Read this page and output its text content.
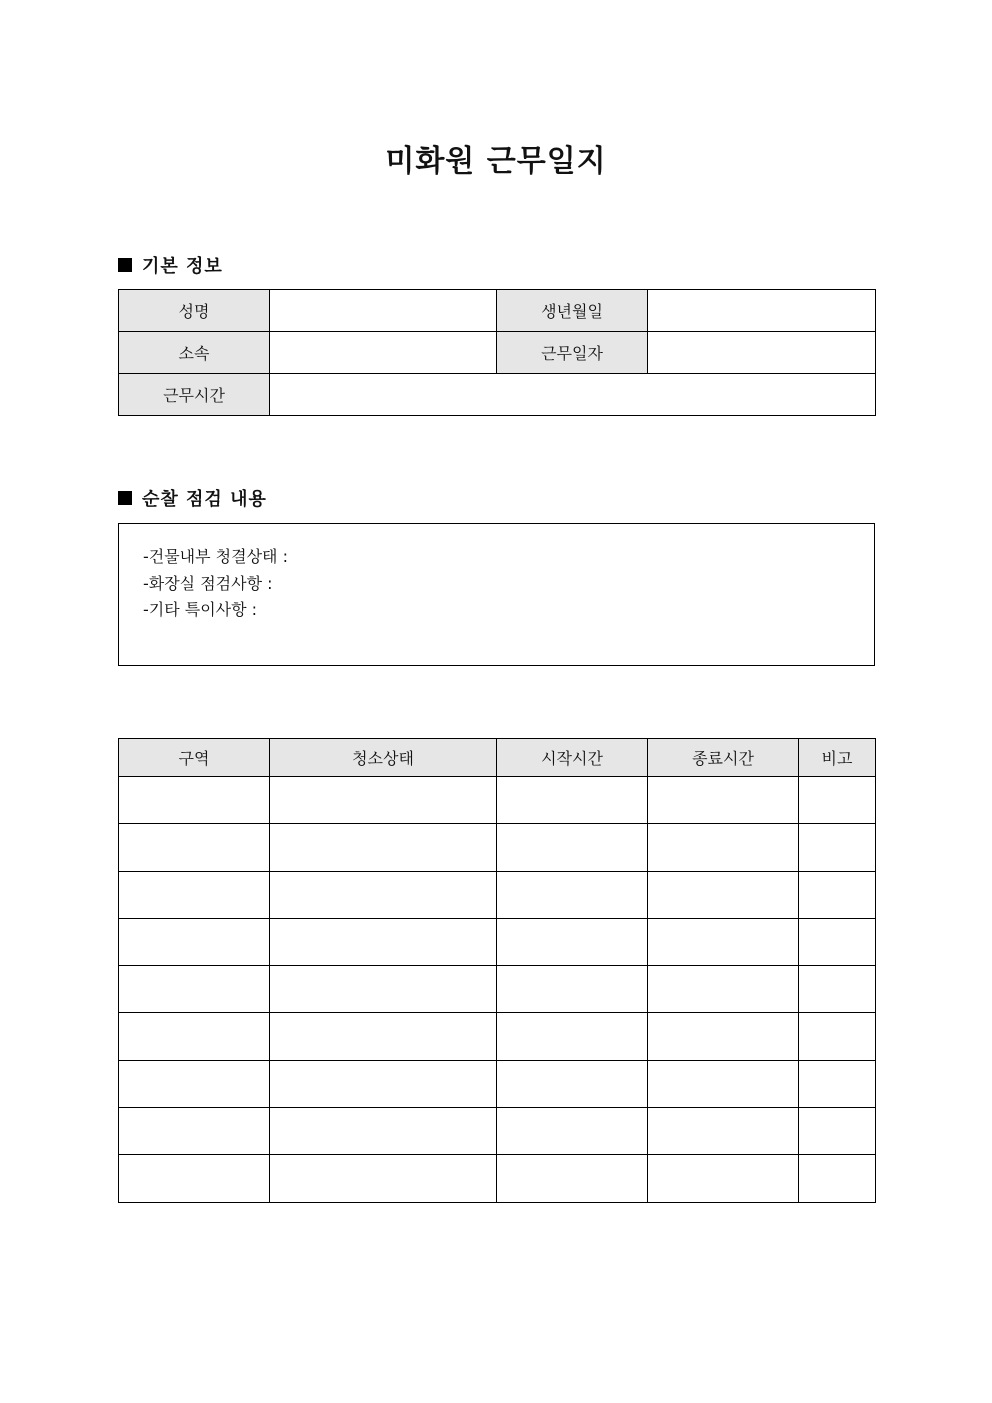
미화원 근무일지
기본 정보
성명		생년월일	
소속		근무일자	
근무시간			
순찰 점검 내용
-건물내부 청결상태 :
-화장실 점검사항 :
-기타 특이사항 :
구역	청소상태	시작시간	종료시간	비고
